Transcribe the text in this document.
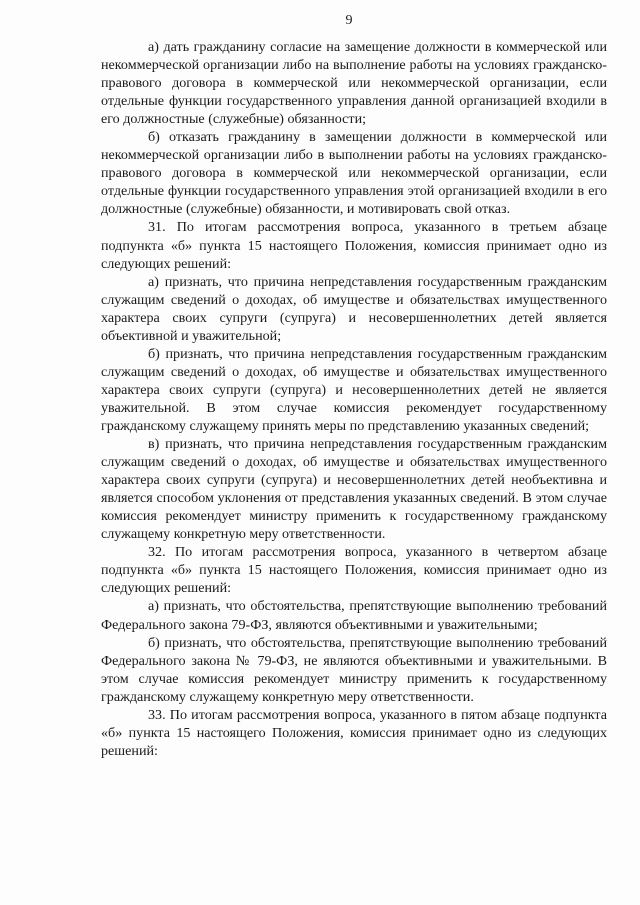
9

а) дать гражданину согласие на замещение должности в коммерческой или некоммерческой организации либо на выполнение работы на условиях гражданско-правового договора в коммерческой или некоммерческой организации, если отдельные функции государственного управления данной организацией входили в его должностные (служебные) обязанности;

б) отказать гражданину в замещении должности в коммерческой или некоммерческой организации либо в выполнении работы на условиях гражданско-правового договора в коммерческой или некоммерческой организации, если отдельные функции государственного управления этой организацией входили в его должностные (служебные) обязанности, и мотивировать свой отказ.

31. По итогам рассмотрения вопроса, указанного в третьем абзаце подпункта «б» пункта 15 настоящего Положения, комиссия принимает одно из следующих решений:

а) признать, что причина непредставления государственным гражданским служащим сведений о доходах, об имуществе и обязательствах имущественного характера своих супруги (супруга) и несовершеннолетних детей является объективной и уважительной;

б) признать, что причина непредставления государственным гражданским служащим сведений о доходах, об имуществе и обязательствах имущественного характера своих супруги (супруга) и несовершеннолетних детей не является уважительной. В этом случае комиссия рекомендует государственному гражданскому служащему принять меры по представлению указанных сведений;

в) признать, что причина непредставления государственным гражданским служащим сведений о доходах, об имуществе и обязательствах имущественного характера своих супруги (супруга) и несовершеннолетних детей необъективна и является способом уклонения от представления указанных сведений. В этом случае комиссия рекомендует министру применить к государственному гражданскому служащему конкретную меру ответственности.

32. По итогам рассмотрения вопроса, указанного в четвертом абзаце подпункта «б» пункта 15 настоящего Положения, комиссия принимает одно из следующих решений:

а) признать, что обстоятельства, препятствующие выполнению требований Федерального закона 79-ФЗ, являются объективными и уважительными;

б) признать, что обстоятельства, препятствующие выполнению требований Федерального закона № 79-ФЗ, не являются объективными и уважительными. В этом случае комиссия рекомендует министру применить к государственному гражданскому служащему конкретную меру ответственности.

33. По итогам рассмотрения вопроса, указанного в пятом абзаце подпункта «б» пункта 15 настоящего Положения, комиссия принимает одно из следующих решений:
